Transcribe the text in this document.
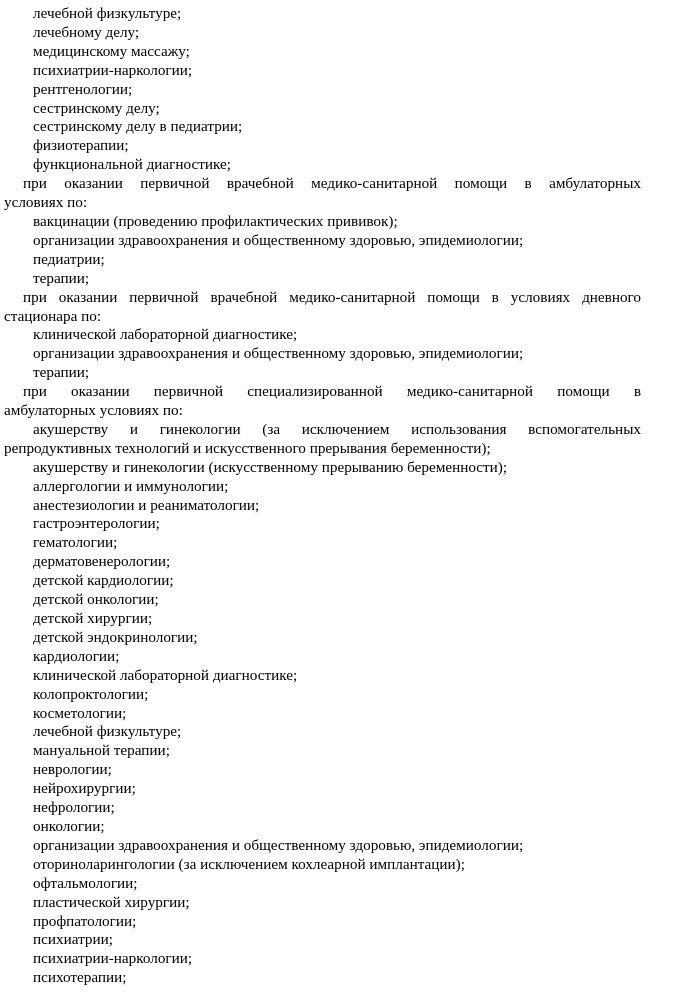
лечебной физкультуре;
лечебному делу;
медицинскому массажу;
психиатрии-наркологии;
рентгенологии;
сестринскому делу;
сестринскому делу в педиатрии;
физиотерапии;
функциональной диагностике;
при оказании первичной врачебной медико-санитарной помощи в амбулаторных
условиях по:
вакцинации (проведению профилактических прививок);
организации здравоохранения и общественному здоровью, эпидемиологии;
педиатрии;
терапии;
при оказании первичной врачебной медико-санитарной помощи в условиях дневного
стационара по:
клинической лабораторной диагностике;
организации здравоохранения и общественному здоровью, эпидемиологии;
терапии;
при оказании первичной специализированной медико-санитарной помощи в
амбулаторных условиях по:
акушерству и гинекологии (за исключением использования вспомогательных
репродуктивных технологий и искусственного прерывания беременности);
акушерству и гинекологии (искусственному прерыванию беременности);
аллергологии и иммунологии;
анестезиологии и реаниматологии;
гастроэнтерологии;
гематологии;
дерматовенерологии;
детской кардиологии;
детской онкологии;
детской хирургии;
детской эндокринологии;
кардиологии;
клинической лабораторной диагностике;
колопроктологии;
косметологии;
лечебной физкультуре;
мануальной терапии;
неврологии;
нейрохирургии;
нефрологии;
онкологии;
организации здравоохранения и общественному здоровью, эпидемиологии;
оториноларингологии (за исключением кохлеарной имплантации);
офтальмологии;
пластической хирургии;
профпатологии;
психиатрии;
психиатрии-наркологии;
психотерапии;
